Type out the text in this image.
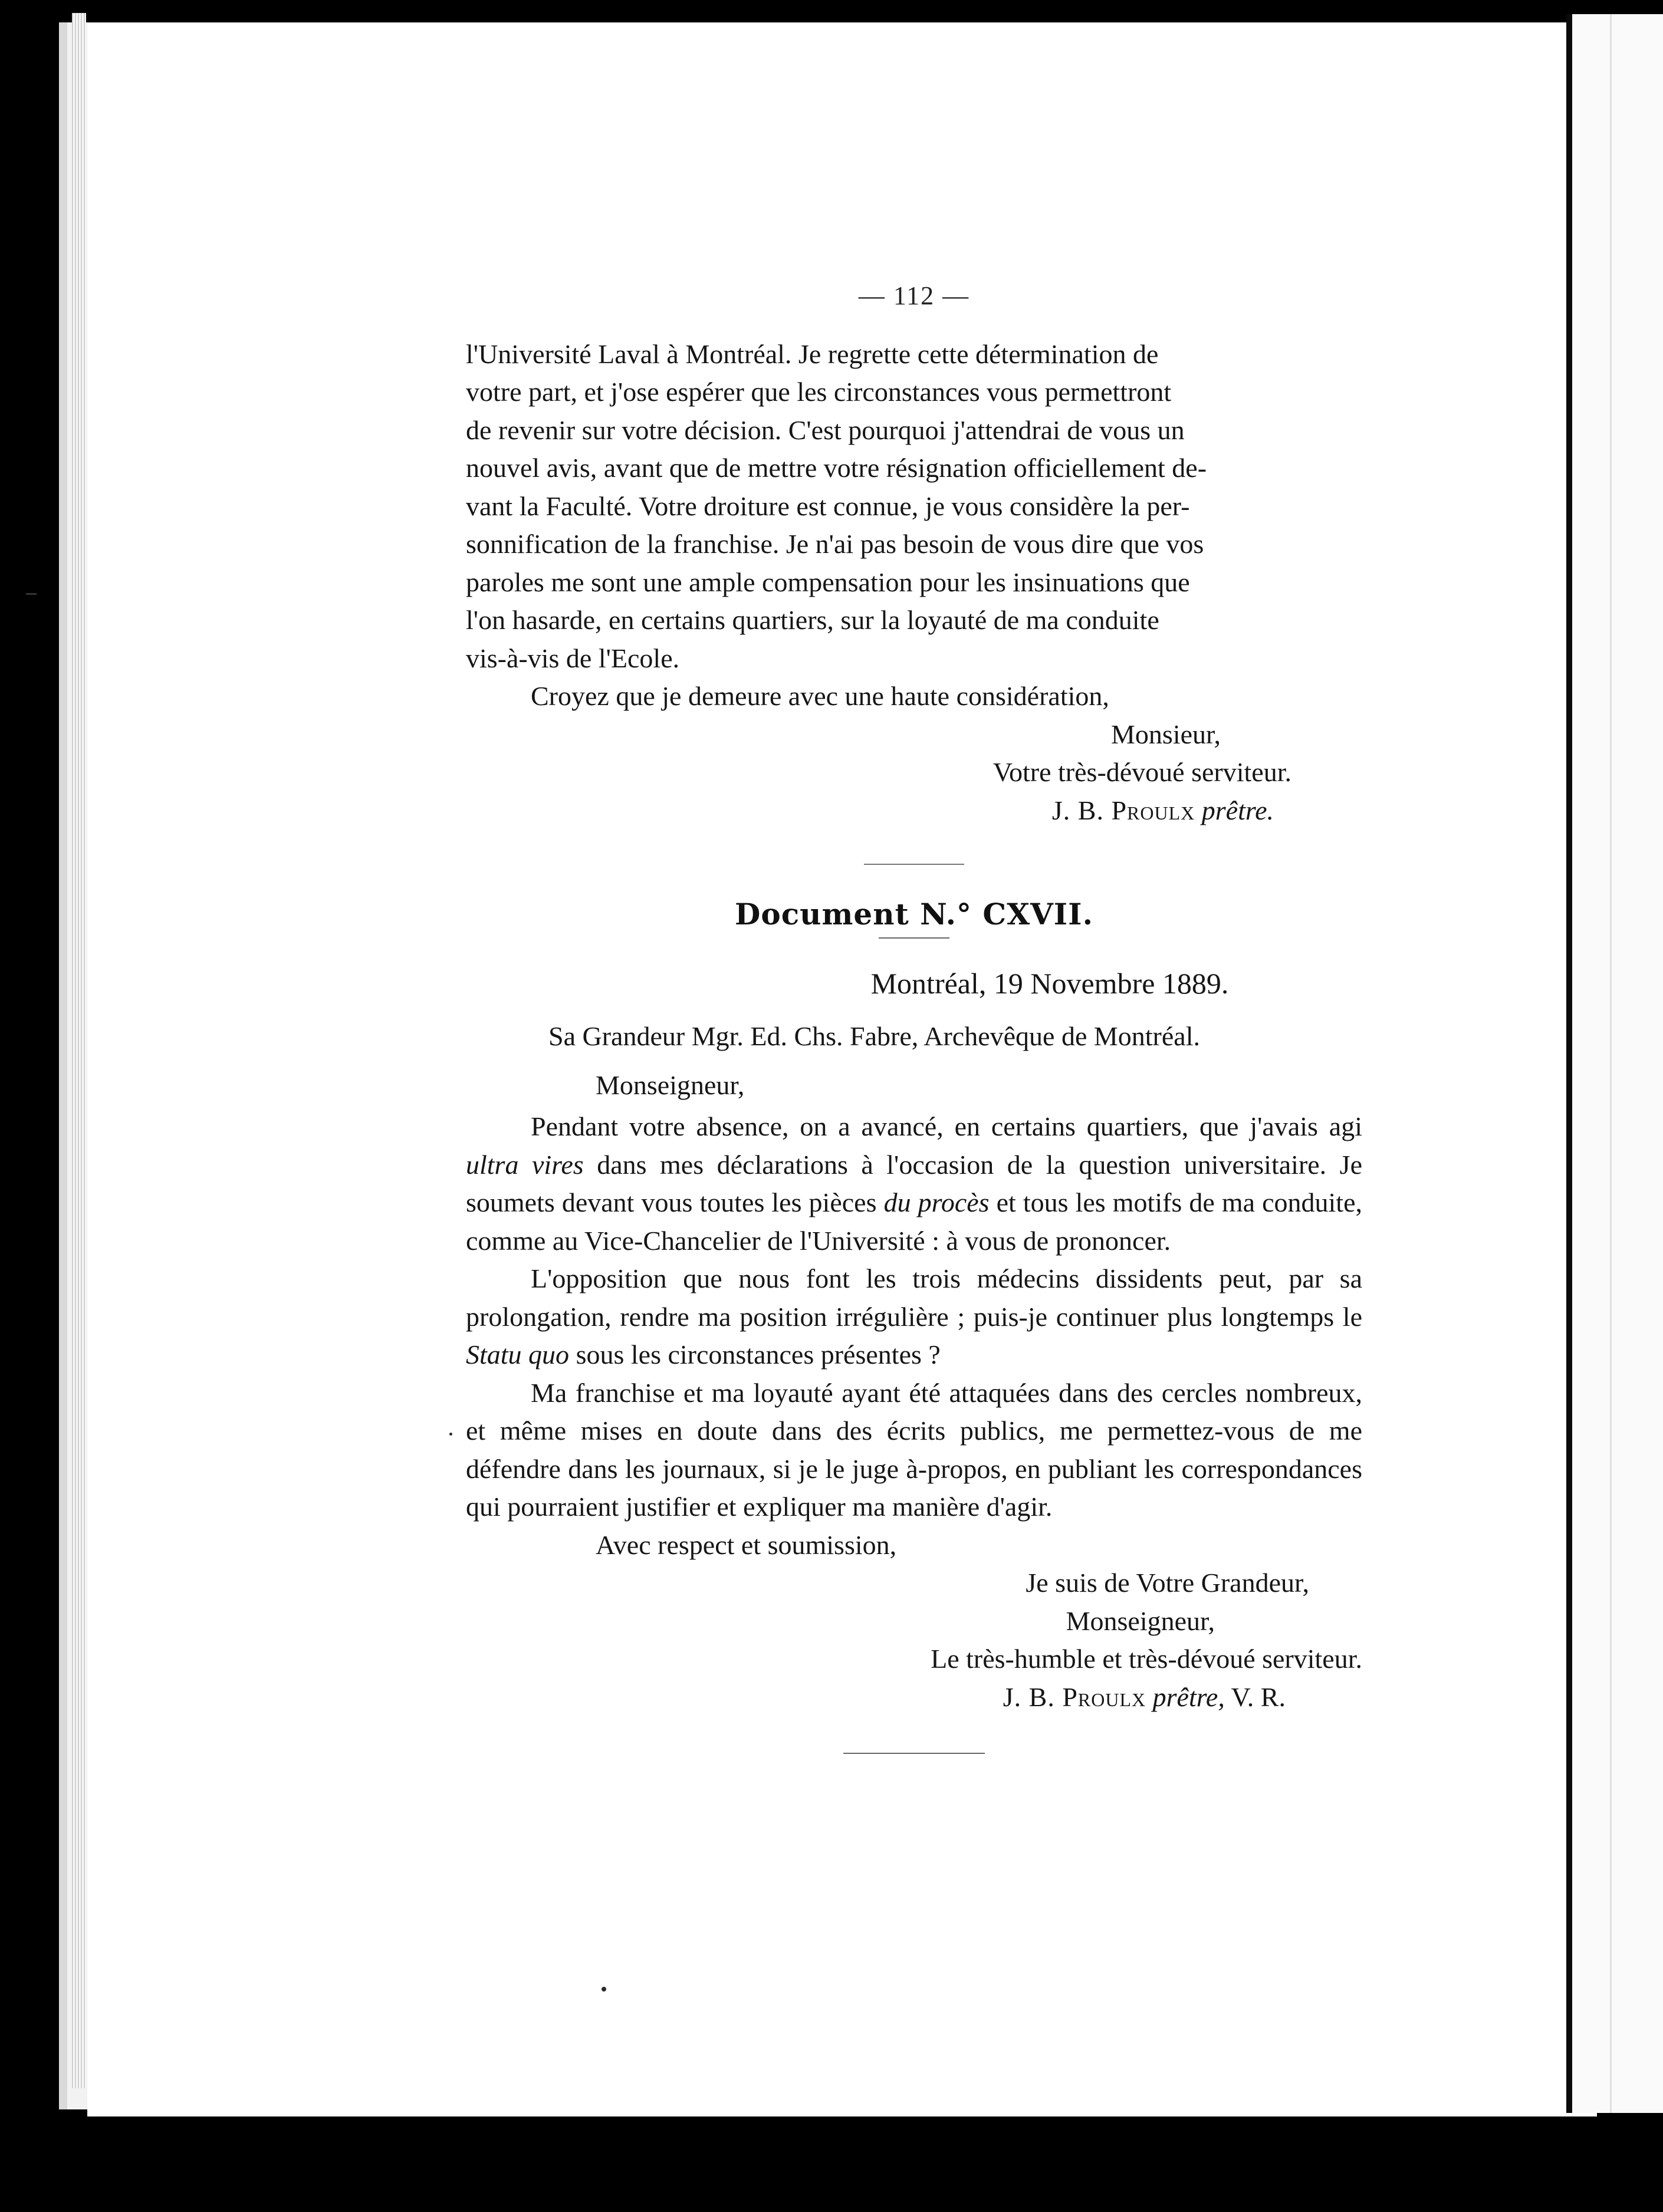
— 112 —

l'Université Laval à Montréal. Je regrette cette détermination de

votre part, et j'ose espérer que les circonstances vous permettront

de revenir sur votre décision. C'est pourquoi j'attendrai de vous un

nouvel avis, avant que de mettre votre résignation officiellement de-

vant la Faculté. Votre droiture est connue, je vous considère la per-

sonnification de la franchise. Je n'ai pas besoin de vous dire que vos

paroles me sont une ample compensation pour les insinuations que

l'on hasarde, en certains quartiers, sur la loyauté de ma conduite

vis-à-vis de l'Ecole.

Croyez que je demeure avec une haute considération,

Monsieur,

Votre très-dévoué serviteur.

J. B. Proulx prêtre.

Document N.° CXVII.
Montréal, 19 Novembre 1889.
Sa Grandeur Mgr. Ed. Chs. Fabre, Archevêque de Montréal.

Monseigneur,

Pendant votre absence, on a avancé, en certains quartiers, que j'avais agi ultra vires dans mes déclarations à l'occasion de la question universitaire. Je soumets devant vous toutes les pièces du procès et tous les motifs de ma conduite, comme au Vice-Chancelier de l'Université : à vous de prononcer.

L'opposition que nous font les trois médecins dissidents peut, par sa prolongation, rendre ma position irrégulière ; puis-je continuer plus longtemps le Statu quo sous les circonstances présentes ?

Ma franchise et ma loyauté ayant été attaquées dans des cercles nombreux, et même mises en doute dans des écrits publics, me permettez-vous de me défendre dans les journaux, si je le juge à-propos, en publiant les correspondances qui pourraient justifier et expliquer ma manière d'agir.

Avec respect et soumission,

Je suis de Votre Grandeur,

Monseigneur,

Le très-humble et très-dévoué serviteur.

J. B. Proulx prêtre, V. R.
